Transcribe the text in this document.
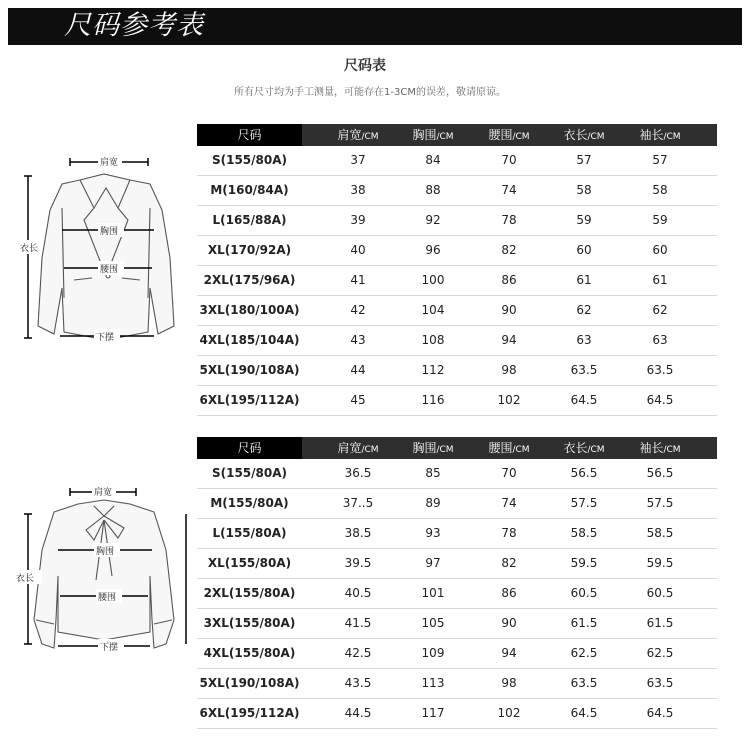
尺码参考表
尺码表
所有尺寸均为手工测量，可能存在1-3CM的误差，敬请原谅。
肩宽
胸围
腰围
下摆
衣长
肩宽
胸围
腰围
下摆
衣长
尺码	肩宽/CM	胸围/CM	腰围/CM	衣长/CM	袖长/CM
S(155/80A)	37	84	70	57	57
M(160/84A)	38	88	74	58	58
L(165/88A)	39	92	78	59	59
XL(170/92A)	40	96	82	60	60
2XL(175/96A)	41	100	86	61	61
3XL(180/100A)	42	104	90	62	62
4XL(185/104A)	43	108	94	63	63
5XL(190/108A)	44	112	98	63.5	63.5
6XL(195/112A)	45	116	102	64.5	64.5
尺码	肩宽/CM	胸围/CM	腰围/CM	衣长/CM	袖长/CM
S(155/80A)	36.5	85	70	56.5	56.5
M(155/80A)	37..5	89	74	57.5	57.5
L(155/80A)	38.5	93	78	58.5	58.5
XL(155/80A)	39.5	97	82	59.5	59.5
2XL(155/80A)	40.5	101	86	60.5	60.5
3XL(155/80A)	41.5	105	90	61.5	61.5
4XL(155/80A)	42.5	109	94	62.5	62.5
5XL(190/108A)	43.5	113	98	63.5	63.5
6XL(195/112A)	44.5	117	102	64.5	64.5
